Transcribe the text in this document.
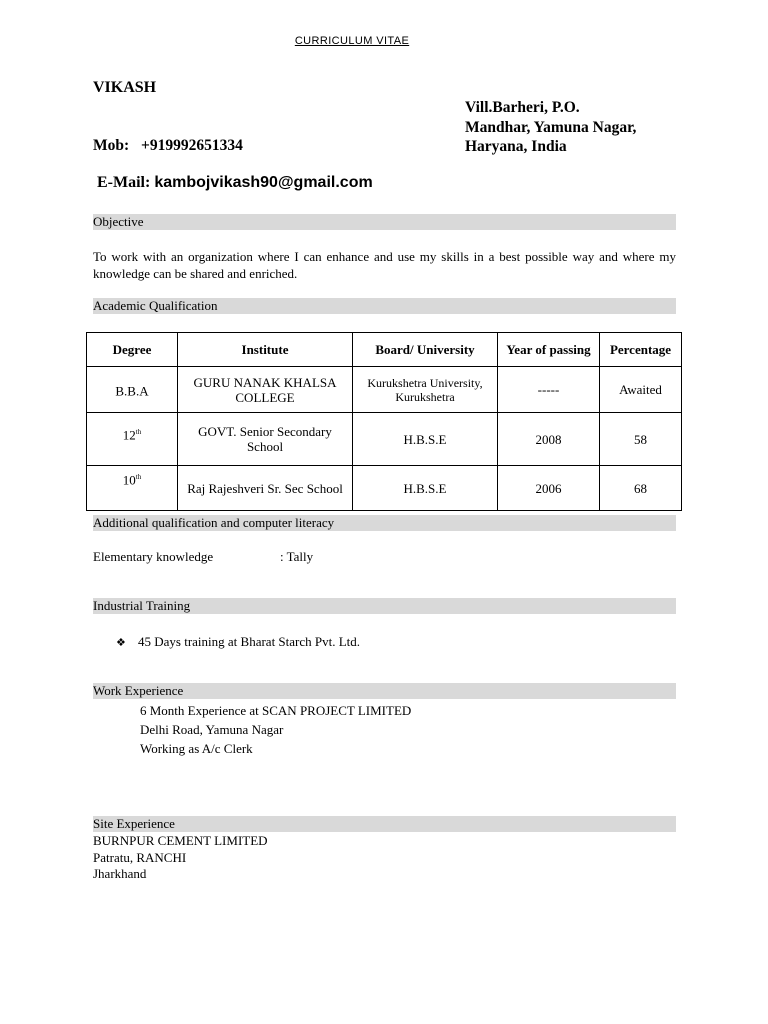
CURRICULUM VITAE
VIKASH
Vill.Barheri, P.O.
Mandhar, Yamuna Nagar,
Haryana, India
Mob: +919992651334
E-Mail: kambojvikash90@gmail.com
Objective
To work with an organization where I can enhance and use my skills in a best possible way and where my knowledge can be shared and enriched.
Academic Qualification
Degree	Institute	Board/ University	Year of passing	Percentage
B.B.A	GURU NANAK KHALSA COLLEGE	Kurukshetra University, Kurukshetra	-----	Awaited
12th	GOVT. Senior Secondary School	H.B.S.E	2008	58
10th	Raj Rajeshveri Sr. Sec School	H.B.S.E	2006	68
Additional qualification and computer literacy
Elementary knowledge	: Tally
Industrial Training
❖ 45 Days training at Bharat Starch Pvt. Ltd.
Work Experience
6 Month Experience at SCAN PROJECT LIMITED
Delhi Road, Yamuna Nagar
Working as A/c Clerk
Site Experience
BURNPUR CEMENT LIMITED
Patratu, RANCHI
Jharkhand
